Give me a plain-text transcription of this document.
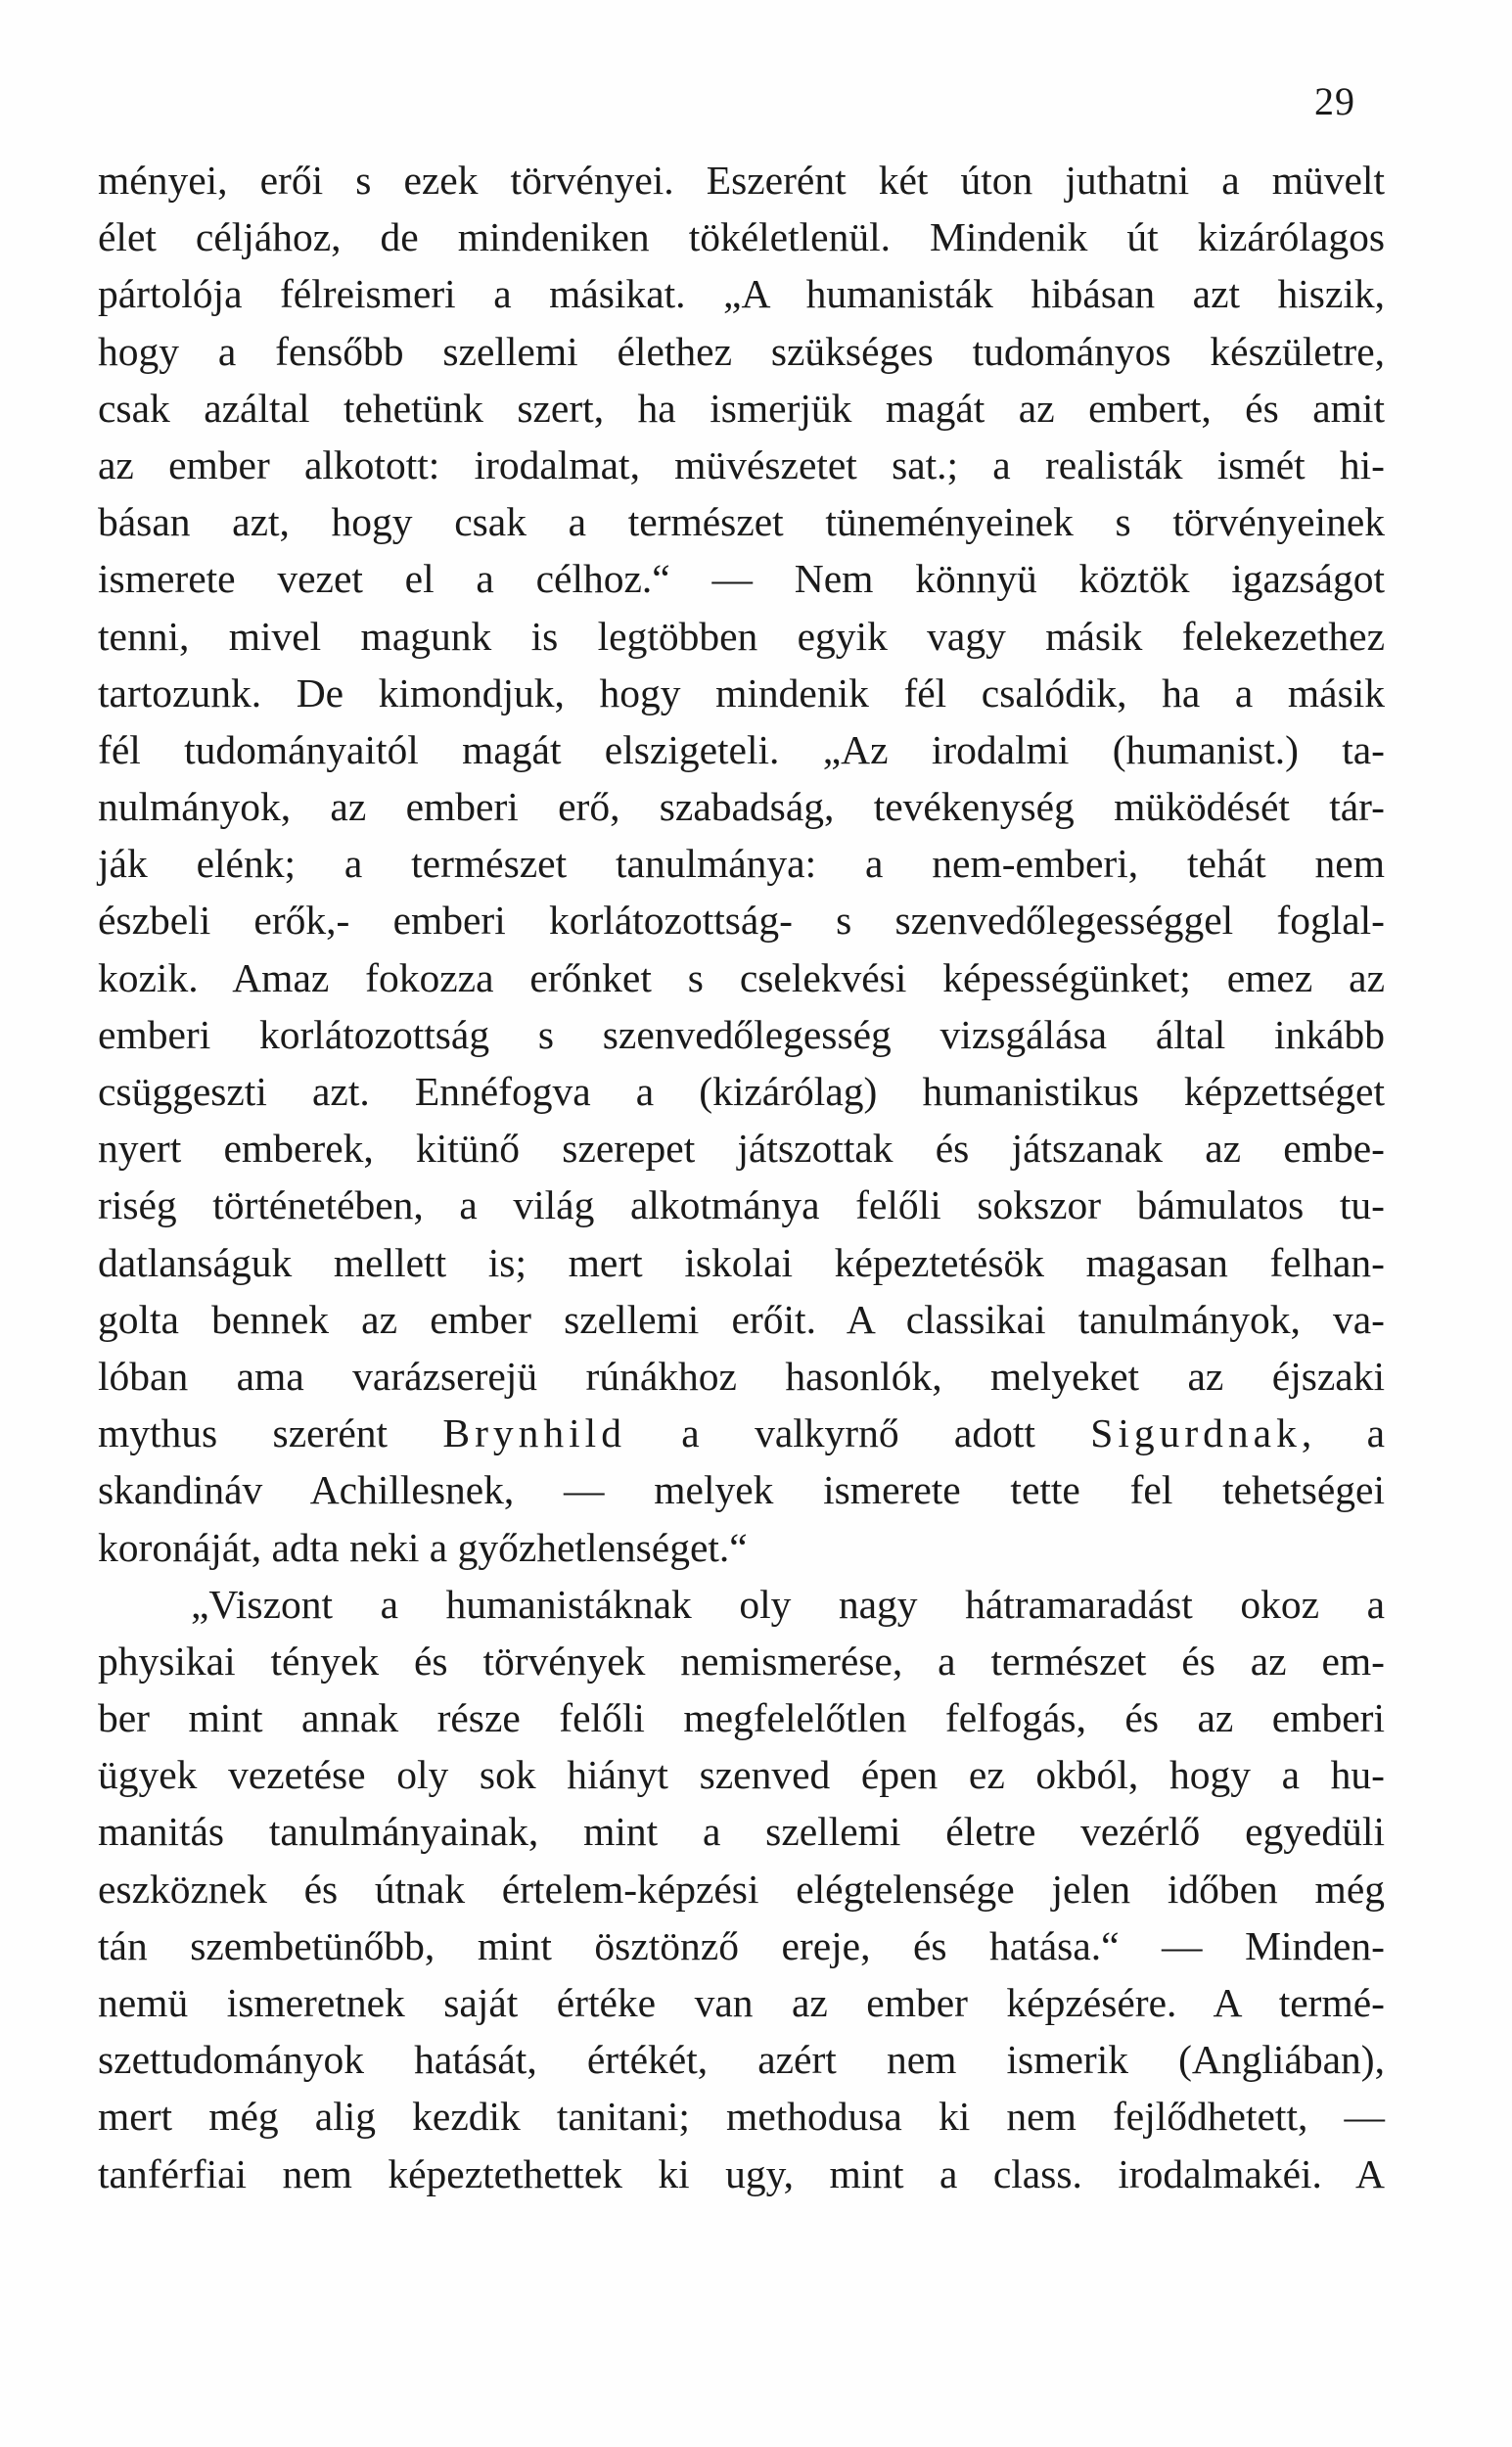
29
ményei, erői s ezek törvényei. Eszerént két úton juthatni a müvelt
élet céljához, de mindeniken tökéletlenül. Mindenik út kizárólagos
pártolója félreismeri a másikat. „A humanisták hibásan azt hiszik,
hogy a fensőbb szellemi élethez szükséges tudományos készületre,
csak azáltal tehetünk szert, ha ismerjük magát az embert, és amit
az ember alkotott: irodalmat, müvészetet sat.; a realisták ismét hi-
básan azt, hogy csak a természet tüneményeinek s törvényeinek
ismerete vezet el a célhoz.“ — Nem könnyü köztök igazságot
tenni, mivel magunk is legtöbben egyik vagy másik felekezethez
tartozunk. De kimondjuk, hogy mindenik fél csalódik, ha a másik
fél tudományaitól magát elszigeteli. „Az irodalmi (humanist.) ta-
nulmányok, az emberi erő, szabadság, tevékenység müködését tár-
ják elénk; a természet tanulmánya: a nem-emberi, tehát nem
észbeli erők,- emberi korlátozottság- s szenvedőlegességgel foglal-
kozik. Amaz fokozza erőnket s cselekvési képességünket; emez az
emberi korlátozottság s szenvedőlegesség vizsgálása által inkább
csüggeszti azt. Ennéfogva a (kizárólag) humanistikus képzettséget
nyert emberek, kitünő szerepet játszottak és játszanak az embe-
riség történetében, a világ alkotmánya felőli sokszor bámulatos tu-
datlanságuk mellett is; mert iskolai képeztetésök magasan felhan-
golta bennek az ember szellemi erőit. A classikai tanulmányok, va-
lóban ama varázserejü rúnákhoz hasonlók, melyeket az éjszaki
mythus szerént Brynhild a valkyrnő adott Sigurdnak, a
skandináv Achillesnek, — melyek ismerete tette fel tehetségei
koronáját, adta neki a győzhetlenséget.“
„Viszont a humanistáknak oly nagy hátramaradást okoz a
physikai tények és törvények nemismerése, a természet és az em-
ber mint annak része felőli megfelelőtlen felfogás, és az emberi
ügyek vezetése oly sok hiányt szenved épen ez okból, hogy a hu-
manitás tanulmányainak, mint a szellemi életre vezérlő egyedüli
eszköznek és útnak értelem-képzési elégtelensége jelen időben még
tán szembetünőbb, mint ösztönző ereje, és hatása.“ — Minden-
nemü ismeretnek saját értéke van az ember képzésére. A termé-
szettudományok hatását, értékét, azért nem ismerik (Angliában),
mert még alig kezdik tanitani; methodusa ki nem fejlődhetett, —
tanférfiai nem képeztethettek ki ugy, mint a class. irodalmakéi. A
